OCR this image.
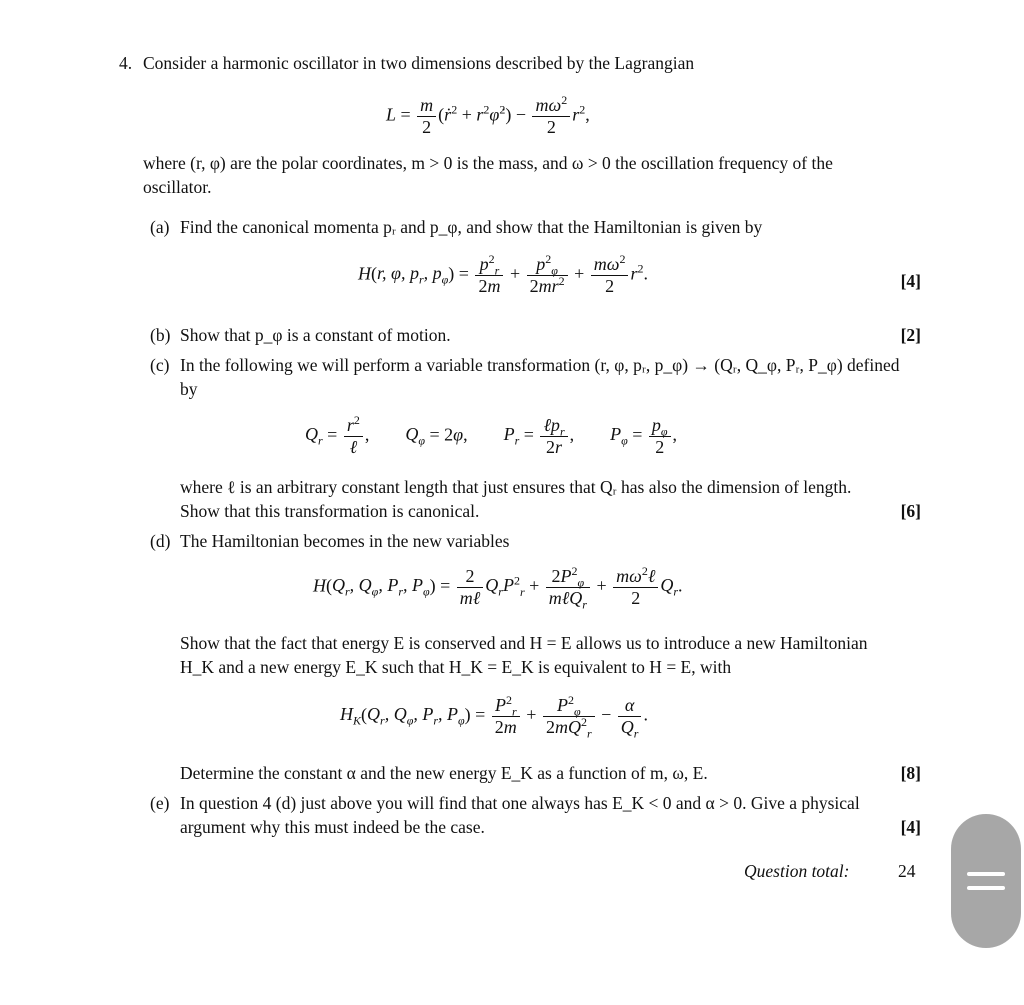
4. Consider a harmonic oscillator in two dimensions described by the Lagrangian
$L = \frac{m}{2}$ (ṙ$^2$ + $r^2\varphi̇^2) - \frac{m\omega^2}{2} r^2$,
where (r, φ) are the polar coordinates, m > 0 is the mass, and ω > 0 the oscillation frequency of the oscillator.
(a) Find the canonical momenta pᵣ and p_φ, and show that the Hamiltonian is given by
H(r, φ, $p_r$, $p_\varphi) = \frac{p^2_r}{2m} + \frac{p^2_\varphi}{2mr^2} + \frac{m\omega^2}{2} r^2$.	[4]
(b) Show that p_φ is a constant of motion.	[2]
(c) In the following we will perform a variable transformation (r, φ, pᵣ, p_φ) → (Qᵣ, Q_φ, Pᵣ, P_φ) defined by
$Q_r = \frac{r^2}{\text{ℓ}}$ ,        $Q_\varphi = 2\varphi$,        $P_r = \frac{\ell p_r}{2r}$ ,        $P_\varphi = \frac{p_\varphi}{2}$ ,
where ℓ is an arbitrary constant length that just ensures that Qᵣ has also the dimension of length. Show that this transformation is canonical.	[6]
(d) The Hamiltonian becomes in the new variables
$H(Q_r$, $Q_\varphi$, $P_r$, $P_\varphi) = \frac{2}{\text{mℓ}} Q_rP^2_r + \frac{2P^2_\varphi}{m\ell Q_r} + \frac{m\omega^2\ell}{2} Q_r$.
Show that the fact that energy E is conserved and H = E allows us to introduce a new Hamiltonian H_K and a new energy E_K such that H_K = E_K is equivalent to H = E, with
$H_K(Q_r$, $Q_\varphi$, $P_r$, $P_\varphi) = \frac{P^2_r}{2m} + \frac{P^2_\varphi}{2mQ^2_r} - \frac{\alpha}{Q_r}$ .
Determine the constant α and the new energy E_K as a function of m, ω, E.	[8]
(e) In question 4 (d) just above you will find that one always has E_K < 0 and α > 0. Give a physical argument why this must indeed be the case.	[4]
Question total:	24
